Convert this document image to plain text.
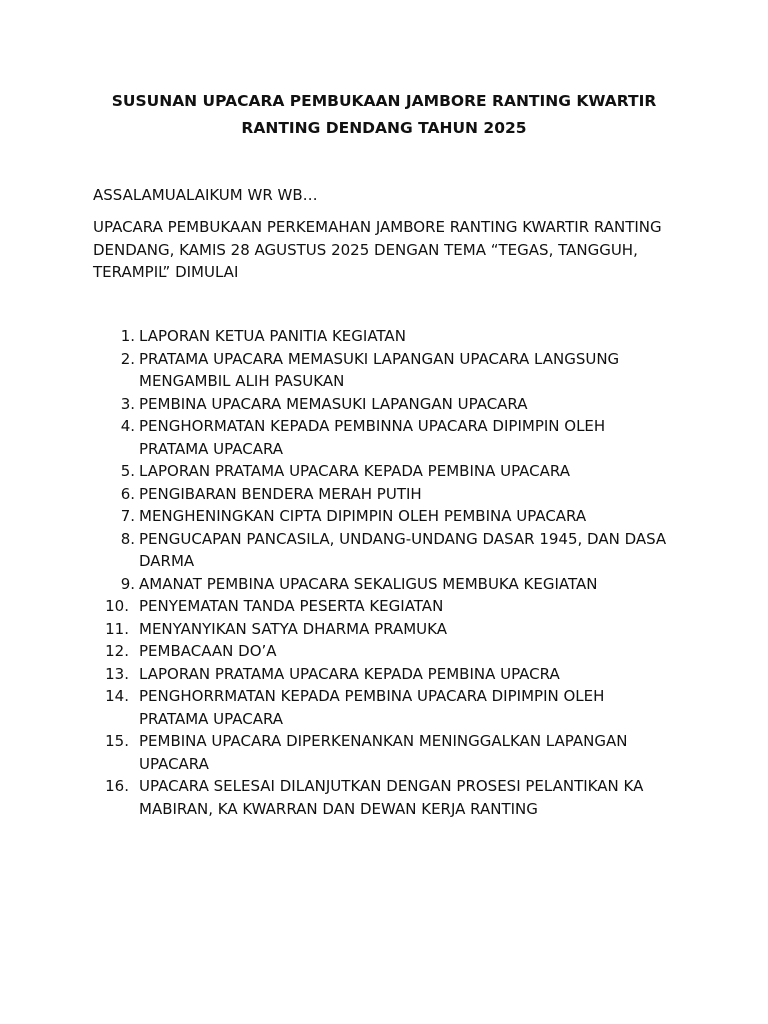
SUSUNAN UPACARA PEMBUKAAN JAMBORE RANTING KWARTIR RANTING DENDANG TAHUN 2025

ASSALAMUALAIKUM WR WB…

UPACARA PEMBUKAAN PERKEMAHAN JAMBORE RANTING KWARTIR RANTING DENDANG, KAMIS 28 AGUSTUS 2025 DENGAN TEMA “TEGAS, TANGGUH, TERAMPIL” DIMULAI

1. LAPORAN KETUA PANITIA KEGIATAN
2. PRATAMA UPACARA MEMASUKI LAPANGAN UPACARA LANGSUNG MENGAMBIL ALIH PASUKAN
3. PEMBINA UPACARA MEMASUKI LAPANGAN UPACARA
4. PENGHORMATAN KEPADA PEMBINNA UPACARA DIPIMPIN OLEH PRATAMA UPACARA
5. LAPORAN PRATAMA UPACARA KEPADA PEMBINA UPACARA
6. PENGIBARAN BENDERA MERAH PUTIH
7. MENGHENINGKAN CIPTA DIPIMPIN OLEH PEMBINA UPACARA
8. PENGUCAPAN PANCASILA, UNDANG-UNDANG DASAR 1945, DAN DASA DARMA
9. AMANAT PEMBINA UPACARA SEKALIGUS MEMBUKA KEGIATAN
10. PENYEMATAN TANDA PESERTA KEGIATAN
11. MENYANYIKAN SATYA DHARMA PRAMUKA
12. PEMBACAAN DO’A
13. LAPORAN PRATAMA UPACARA KEPADA PEMBINA UPACRA
14. PENGHORRMATAN KEPADA PEMBINA UPACARA DIPIMPIN OLEH PRATAMA UPACARA
15. PEMBINA UPACARA DIPERKENANKAN MENINGGALKAN LAPANGAN UPACARA
16. UPACARA SELESAI DILANJUTKAN DENGAN PROSESI PELANTIKAN KA MABIRAN, KA KWARRAN DAN DEWAN KERJA RANTING
